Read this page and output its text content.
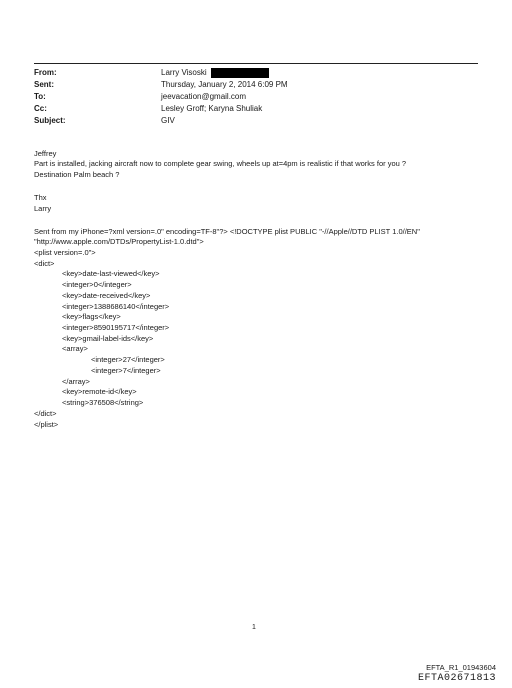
From:	Larry Visoski
Sent:	Thursday, January 2, 2014 6:09 PM
To:	jeevacation@gmail.com
Cc:	Lesley Groff; Karyna Shuliak
Subject:	GIV
Jeffrey
Part is installed, jacking aircraft now to complete gear swing, wheels up at=4pm is realistic if that works for you ?
Destination Palm beach ?
Thx
Larry
Sent from my iPhone=?xml version=.0" encoding=TF-8"?> <!DOCTYPE plist PUBLIC "-//Apple//DTD PLIST 1.0//EN"
"http://www.apple.com/DTDs/PropertyList-1.0.dtd">
<plist version=.0">
<dict>
<key>date-last-viewed</key>
<integer>0</integer>
<key>date-received</key>
<integer>1388686140</integer>
<key>flags</key>
<integer>8590195717</integer>
<key>gmail-label-ids</key>
<array>
<integer>27</integer>
<integer>7</integer>
</array>
<key>remote-id</key>
<string>376508</string>
</dict>
</plist>
1
EFTA_R1_01943604
EFTA02671813
